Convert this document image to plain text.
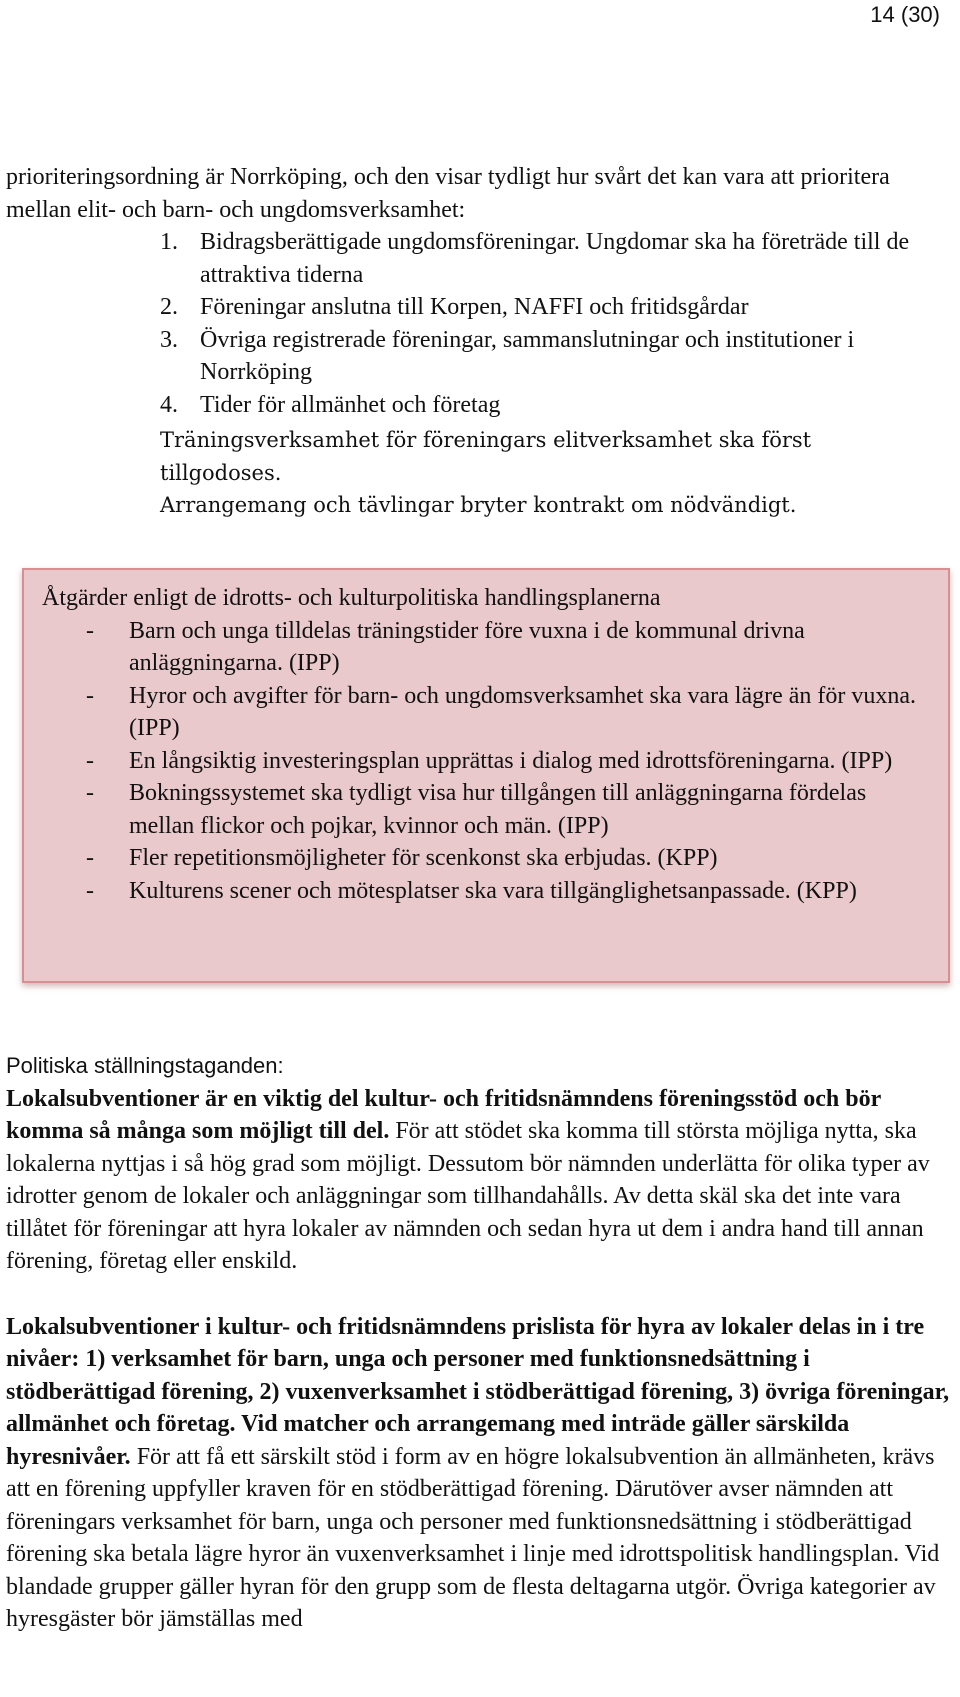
14 (30)

prioriteringsordning är Norrköping, och den visar tydligt hur svårt det kan vara att prioritera mellan elit- och barn- och ungdomsverksamhet:

1. Bidragsberättigade ungdomsföreningar. Ungdomar ska ha företräde till de attraktiva tiderna
2. Föreningar anslutna till Korpen, NAFFI och fritidsgårdar
3. Övriga registrerade föreningar, sammanslutningar och institutioner i Norrköping
4. Tider för allmänhet och företag
Träningsverksamhet för föreningars elitverksamhet ska först tillgodoses.
Arrangemang och tävlingar bryter kontrakt om nödvändigt.

Åtgärder enligt de idrotts- och kulturpolitiska handlingsplanerna

- Barn och unga tilldelas träningstider före vuxna i de kommunal drivna anläggningarna. (IPP)
- Hyror och avgifter för barn- och ungdomsverksamhet ska vara lägre än för vuxna. (IPP)
- En långsiktig investeringsplan upprättas i dialog med idrottsföreningarna. (IPP)
- Bokningssystemet ska tydligt visa hur tillgången till anläggningarna fördelas mellan flickor och pojkar, kvinnor och män. (IPP)
- Fler repetitionsmöjligheter för scenkonst ska erbjudas. (KPP)
- Kulturens scener och mötesplatser ska vara tillgänglighetsanpassade. (KPP)

Politiska ställningstaganden:

Lokalsubventioner är en viktig del kultur- och fritidsnämndens föreningsstöd och bör komma så många som möjligt till del. För att stödet ska komma till största möjliga nytta, ska lokalerna nyttjas i så hög grad som möjligt. Dessutom bör nämnden underlätta för olika typer av idrotter genom de lokaler och anläggningar som tillhandahålls. Av detta skäl ska det inte vara tillåtet för föreningar att hyra lokaler av nämnden och sedan hyra ut dem i andra hand till annan förening, företag eller enskild.

Lokalsubventioner i kultur- och fritidsnämndens prislista för hyra av lokaler delas in i tre nivåer: 1) verksamhet för barn, unga och personer med funktionsnedsättning i stödberättigad förening, 2) vuxenverksamhet i stödberättigad förening, 3) övriga föreningar, allmänhet och företag. Vid matcher och arrangemang med inträde gäller särskilda hyresnivåer. För att få ett särskilt stöd i form av en högre lokalsubvention än allmänheten, krävs att en förening uppfyller kraven för en stödberättigad förening. Därutöver avser nämnden att föreningars verksamhet för barn, unga och personer med funktionsnedsättning i stödberättigad förening ska betala lägre hyror än vuxenverksamhet i linje med idrottspolitisk handlingsplan. Vid blandade grupper gäller hyran för den grupp som de flesta deltagarna utgör. Övriga kategorier av hyresgäster bör jämställas med
